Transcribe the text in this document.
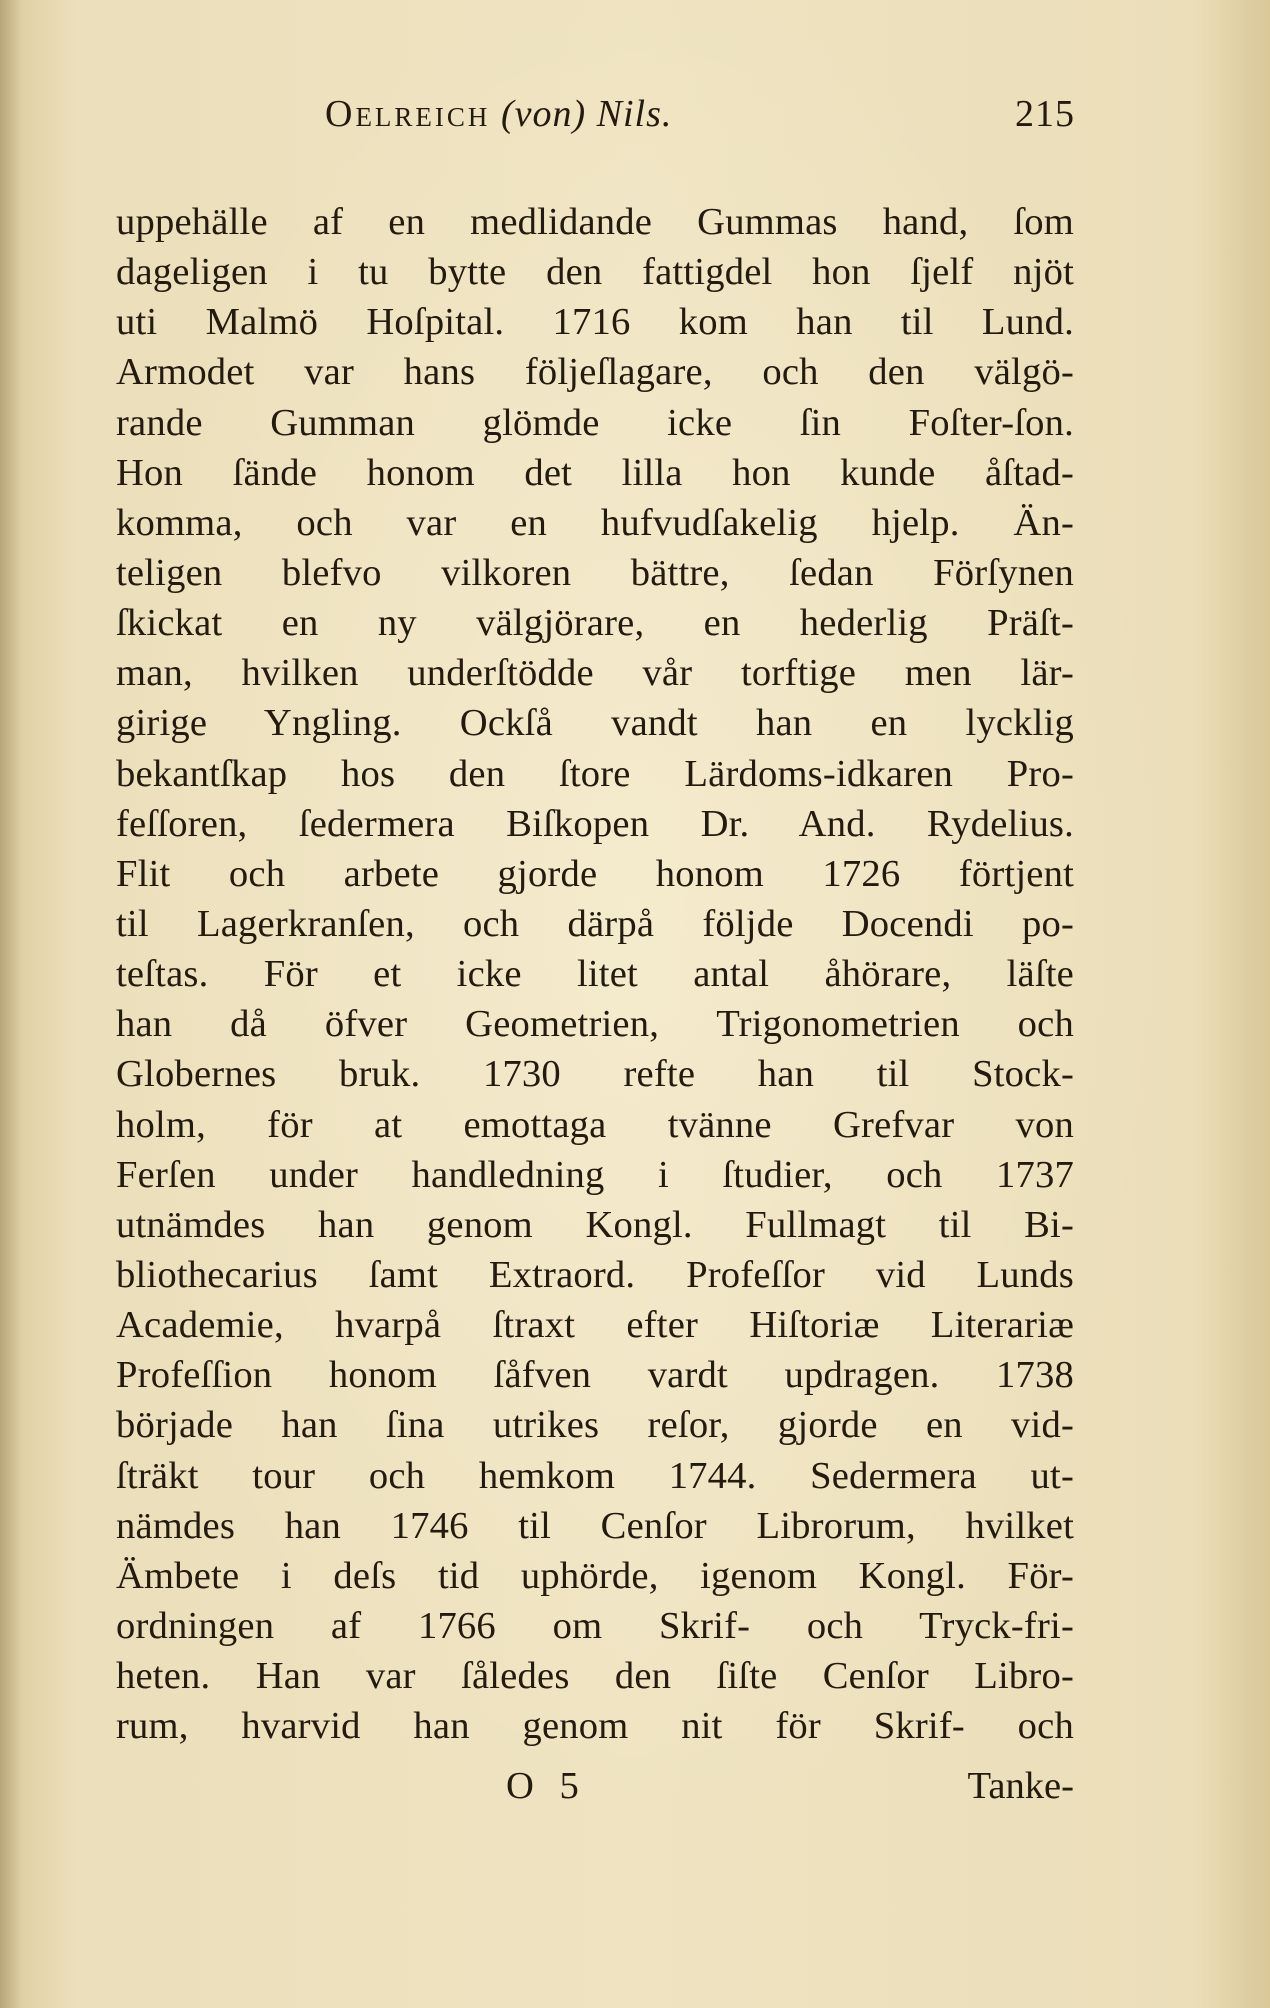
Oelreich (von) Nils.	215
uppehälle af en medlidande Gummas hand, ſom
dageligen i tu bytte den fattigdel hon ſjelf njöt
uti Malmö Hoſpital. 1716 kom han til Lund.
Armodet var hans följeſlagare, och den välgö-
rande Gumman glömde icke ſin Foſter-ſon.
Hon ſände honom det lilla hon kunde åſtad-
komma, och var en hufvudſakelig hjelp. Än-
teligen blefvo vilkoren bättre, ſedan Förſynen
ſkickat en ny välgjörare, en hederlig Präſt-
man, hvilken underſtödde vår torftige men lär-
girige Yngling. Ockſå vandt han en lycklig
bekantſkap hos den ſtore Lärdoms-idkaren Pro-
feſſoren, ſedermera Biſkopen Dr. And. Rydelius.
Flit och arbete gjorde honom 1726 förtjent
til Lagerkranſen, och därpå följde Docendi po-
teſtas. För et icke litet antal åhörare, läſte
han då öfver Geometrien, Trigonometrien och
Globernes bruk. 1730 refte han til Stock-
holm, för at emottaga tvänne Grefvar von
Ferſen under handledning i ſtudier, och 1737
utnämdes han genom Kongl. Fullmagt til Bi-
bliothecarius ſamt Extraord. Profeſſor vid Lunds
Academie, hvarpå ſtraxt efter Hiſtoriæ Literariæ
Profeſſion honom ſåfven vardt updragen. 1738
började han ſina utrikes reſor, gjorde en vid-
ſträkt tour och hemkom 1744. Sedermera ut-
nämdes han 1746 til Cenſor Librorum, hvilket
Ämbete i deſs tid uphörde, igenom Kongl. För-
ordningen af 1766 om Skrif- och Tryck-fri-
heten. Han var ſåledes den ſiſte Cenſor Libro-
rum, hvarvid han genom nit för Skrif- och
O 5	Tanke-
